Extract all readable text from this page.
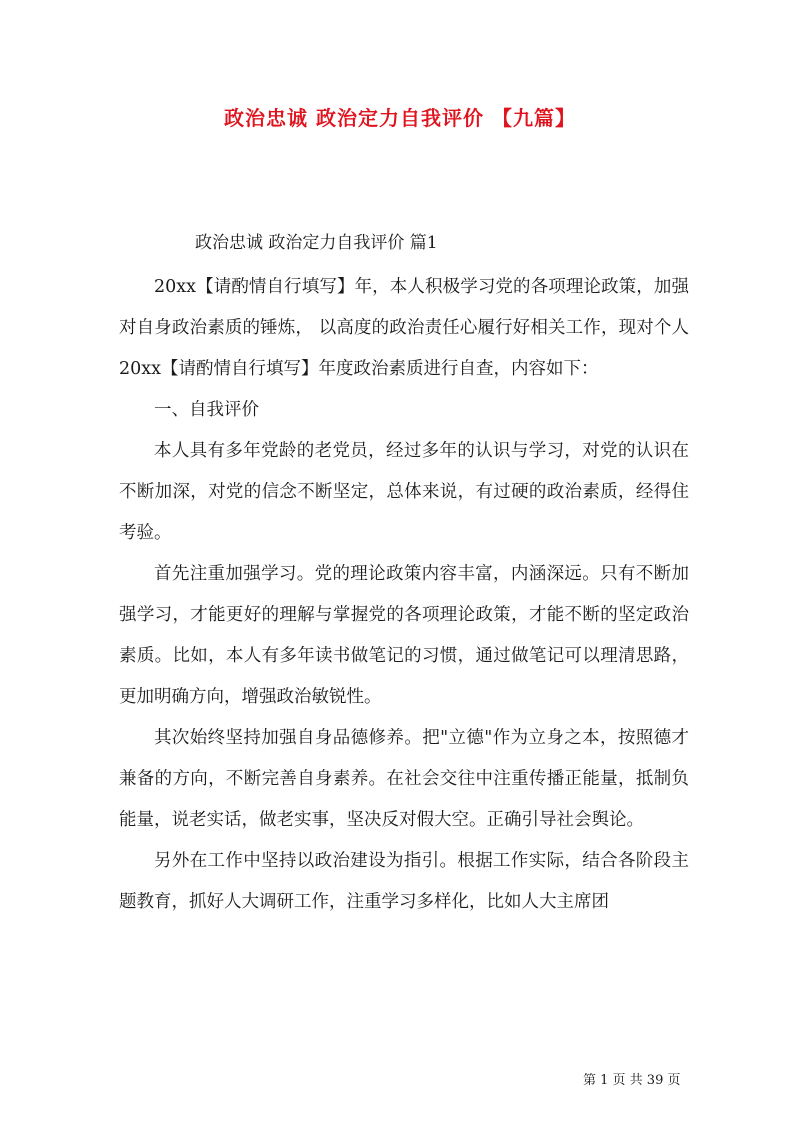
政治忠诚 政治定力自我评价 【九篇】
政治忠诚 政治定力自我评价 篇1

20xx【请酌情自行填写】年，本人积极学习党的各项理论政策，加强对自身政治素质的锤炼， 以高度的政治责任心履行好相关工作，现对个人 20xx【请酌情自行填写】年度政治素质进行自查，内容如下：

一、自我评价

本人具有多年党龄的老党员，经过多年的认识与学习，对党的认识在不断加深，对党的信念不断坚定，总体来说，有过硬的政治素质，经得住考验。

首先注重加强学习。党的理论政策内容丰富，内涵深远。只有不断加强学习，才能更好的理解与掌握党的各项理论政策，才能不断的坚定政治素质。比如，本人有多年读书做笔记的习惯，通过做笔记可以理清思路，更加明确方向，增强政治敏锐性。

其次始终坚持加强自身品德修养。把"立德"作为立身之本，按照德才兼备的方向，不断完善自身素养。在社会交往中注重传播正能量，抵制负能量，说老实话，做老实事，坚决反对假大空。正确引导社会舆论。

另外在工作中坚持以政治建设为指引。根据工作实际，结合各阶段主题教育，抓好人大调研工作，注重学习多样化，比如人大主席团

第 1 页 共 39 页
